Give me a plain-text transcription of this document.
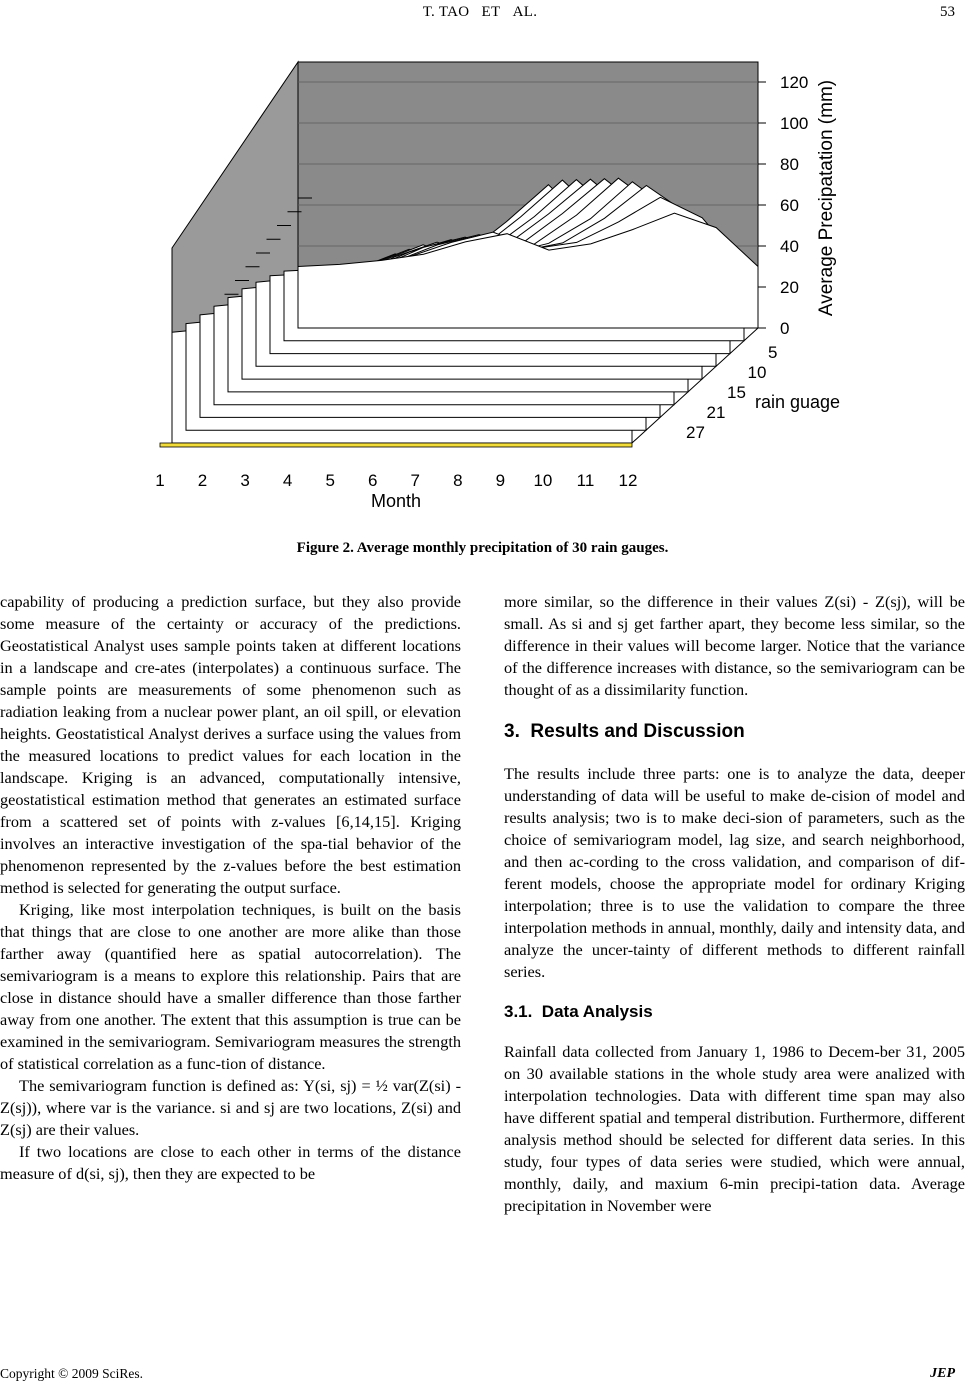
T. TAO   ET   AL.	53
1 2 3 4 5 6 7 8 9 10 11 12
0
20
40
60
80
100
120
5
10
15
21
27
Month
Average Precipatation (mm)
rain guage
Figure 2. Average monthly precipitation of 30 rain gauges.

capability of producing a prediction surface, but they also provide some measure of the certainty or accuracy of the predictions. Geostatistical Analyst uses sample points taken at different locations in a landscape and cre-ates (interpolates) a continuous surface. The sample points are measurements of some phenomenon such as radiation leaking from a nuclear power plant, an oil spill, or elevation heights. Geostatistical Analyst derives a surface using the values from the measured locations to predict values for each location in the landscape. Kriging is an advanced, computationally intensive, geostatistical estimation method that generates an estimated surface from a scattered set of points with z-values [6,14,15]. Kriging involves an interactive investigation of the spa-tial behavior of the phenomenon represented by the z-values before the best estimation method is selected for generating the output surface.

Kriging, like most interpolation techniques, is built on the basis that things that are close to one another are more alike than those farther away (quantified here as spatial autocorrelation). The semivariogram is a means to explore this relationship. Pairs that are close in distance should have a smaller difference than those farther away from one another. The extent that this assumption is true can be examined in the semivariogram. Semivariogram measures the strength of statistical correlation as a func-tion of distance.

The semivariogram function is defined as: Y(si, sj) = ½ var(Z(si) - Z(sj)), where var is the variance. si and sj are two locations, Z(si) and Z(sj) are their values.

If two locations are close to each other in terms of the distance measure of d(si, sj), then they are expected to be

more similar, so the difference in their values Z(si) - Z(sj), will be small. As si and sj get farther apart, they become less similar, so the difference in their values will become larger. Notice that the variance of the difference increases with distance, so the semivariogram can be thought of as a dissimilarity function.

3.  Results and Discussion

The results include three parts: one is to analyze the data, deeper understanding of data will be useful to make de-cision of model and results analysis; two is to make deci-sion of parameters, such as the choice of semivariogram model, lag size, and search neighborhood, and then ac-cording to the cross validation, and comparison of dif-ferent models, choose the appropriate model for ordinary Kriging interpolation; three is to use the validation to compare the three interpolation methods in annual, monthly, daily and intensity data, and analyze the uncer-tainty of different methods to different rainfall series.

3.1.  Data Analysis

Rainfall data collected from January 1, 1986 to Decem-ber 31, 2005 on 30 available stations in the whole study area were analized with interpolation technologies. Data with different time span may also have different spatial and temperal distribution. Furthermore, different analysis method should be selected for different data series. In this study, four types of data series were studied, which were annual, monthly, daily, and maxium 6-min precipi-tation data. Average precipitation in November were

Copyright © 2009 SciRes.	JEP
